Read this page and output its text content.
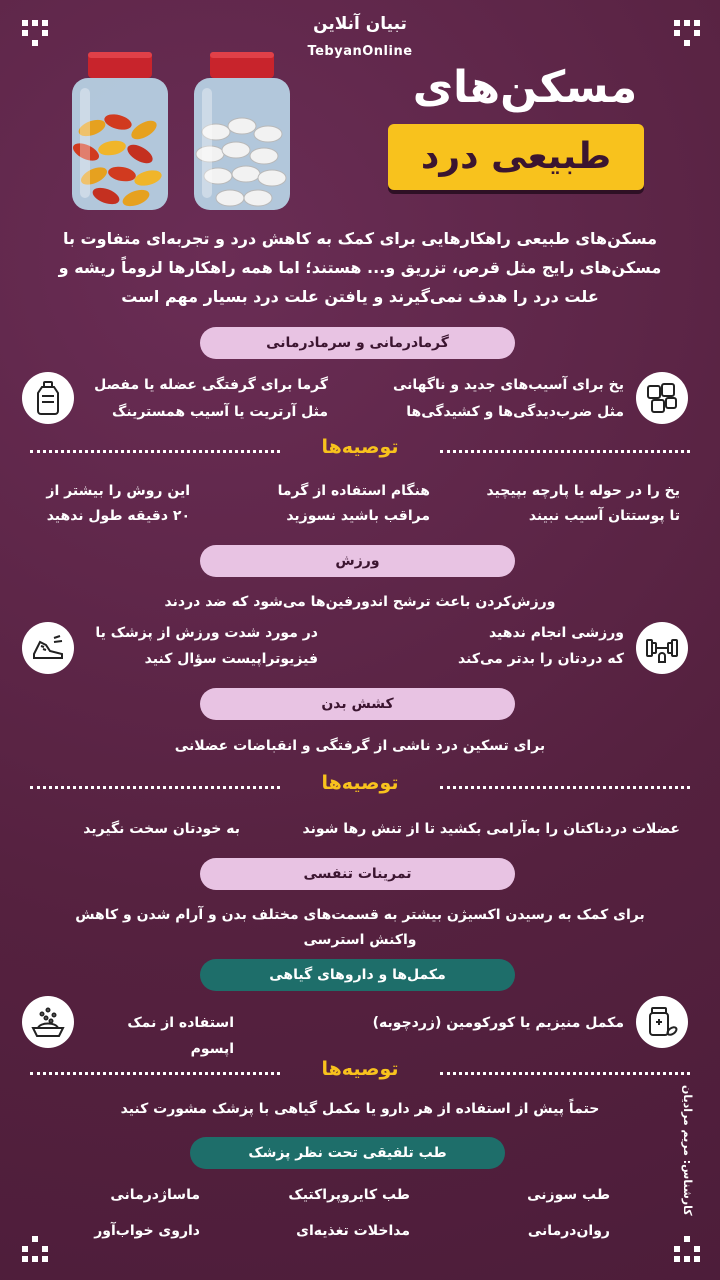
تبیان آنلاین
TebyanOnline
مسکن‌های
طبیعی درد
مسکن‌های طبیعی راهکارهایی برای کمک به کاهش درد و تجربه‌ای متفاوت با مسکن‌های رایج مثل قرص، تزریق و... هستند؛ اما همه راهکارها لزوماً ریشه و علت درد را هدف نمی‌گیرند و یافتن علت درد بسیار مهم است
گرمادرمانی و سرمادرمانی
یخ برای آسیب‌های جدید و ناگهانی
مثل ضرب‌دیدگی‌ها و کشیدگی‌ها
گرما برای گرفتگی عضله یا مفصل
مثل آرتریت یا آسیب همسترینگ
توصیه‌ها
یخ را در حوله یا پارچه بپیچید
تا پوستتان آسیب نبیند
هنگام استفاده از گرما
مراقب باشید نسوزید
این روش را بیشتر از
۲۰ دقیقه طول ندهید
ورزش
ورزش‌کردن باعث ترشح اندورفین‌ها می‌شود که ضد دردند
ورزشی انجام ندهید
که دردتان را بدتر می‌کند
در مورد شدت ورزش از پزشک یا
فیزیوتراپیست سؤال کنید
کشش بدن
برای تسکین درد ناشی از گرفتگی و انقباضات عضلانی
توصیه‌ها
عضلات دردناکتان را به‌آرامی بکشید تا از تنش رها شوند
به خودتان سخت نگیرید
تمرینات تنفسی
برای کمک به رسیدن اکسیژن بیشتر به قسمت‌های مختلف بدن و آرام شدن و کاهش واکنش استرسی
مکمل‌ها و داروهای گیاهی
مکمل منیزیم یا کورکومین (زردچوبه)
استفاده از نمک اپسوم
توصیه‌ها
حتماً پیش از استفاده از هر دارو یا مکمل گیاهی با پزشک مشورت کنید
طب تلفیقی تحت نظر پزشک
طب سوزنی
طب کایروپراکتیک
ماساژدرمانی
روان‌درمانی
مداخلات تغذیه‌ای
داروی خواب‌آور
کارشناس: مریم مرادیان
